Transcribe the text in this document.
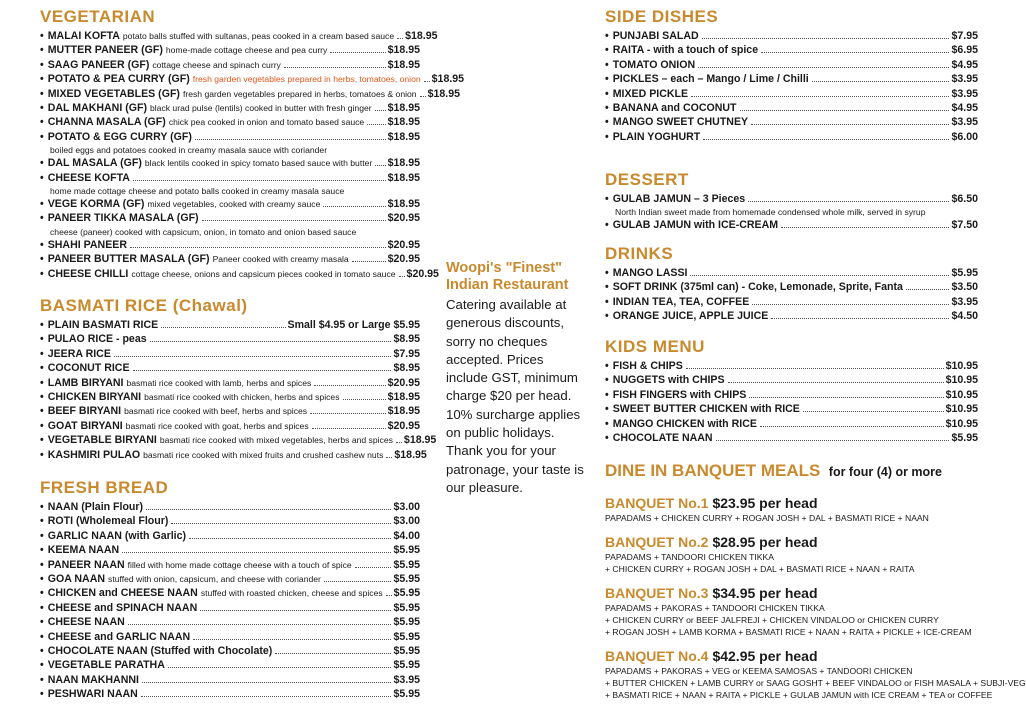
VEGETARIAN
• MALAI KOFTA potato balls stuffed with sultanas, peas cooked in a cream based sauce $18.95
• MUTTER PANEER (GF) home-made cottage cheese and pea curry	$18.95
• SAAG PANEER (GF) cottage cheese and spinach curry	$18.95
• POTATO & PEA CURRY (GF) fresh garden vegetables prepared in herbs, tomatoes, onion $18.95
• MIXED VEGETABLES (GF) fresh garden vegetables prepared in herbs, tomatoes & onion $18.95
• DAL MAKHANI (GF) black urad pulse (lentils) cooked in butter with fresh ginger $18.95
• CHANNA MASALA (GF) chick pea cooked in onion and tomato based sauce $18.95
• POTATO & EGG CURRY (GF)	$18.95
boiled eggs and potatoes cooked in creamy masala sauce with coriander
• DAL MASALA (GF) black lentils cooked in spicy tomato based sauce with butter $18.95
• CHEESE KOFTA	$18.95
home made cottage cheese and potato balls cooked in creamy masala sauce
• VEGE KORMA (GF) mixed vegetables, cooked with creamy sauce	$18.95
• PANEER TIKKA MASALA (GF)	$20.95
cheese (paneer) cooked with capsicum, onion, in tomato and onion based sauce
• SHAHI PANEER	$20.95
• PANEER BUTTER MASALA (GF) Paneer cooked with creamy masala	$20.95
• CHEESE CHILLI cottage cheese, onions and capsicum pieces cooked in tomato sauce $20.95
BASMATI RICE (Chawal)
• PLAIN BASMATI RICE	Small $4.95 or Large $5.95
• PULAO RICE - peas	$8.95
• JEERA RICE	$7.95
• COCONUT RICE	$8.95
• LAMB BIRYANI basmati rice cooked with lamb, herbs and spices	$20.95
• CHICKEN BIRYANI basmati rice cooked with chicken, herbs and spices	$18.95
• BEEF BIRYANI basmati rice cooked with beef, herbs and spices	$18.95
• GOAT BIRYANI basmati rice cooked with goat, herbs and spices	$20.95
• VEGETABLE BIRYANI basmati rice cooked with mixed vegetables, herbs and spices $18.95
• KASHMIRI PULAO basmati rice cooked with mixed fruits and crushed cashew nuts $18.95
FRESH BREAD
• NAAN (Plain Flour)	$3.00
• ROTI (Wholemeal Flour)	$3.00
• GARLIC NAAN (with Garlic)	$4.00
• KEEMA NAAN	$5.95
• PANEER NAAN filled with home made cottage cheese with a touch of spice	$5.95
• GOA NAAN stuffed with onion, capsicum, and cheese with coriander	$5.95
• CHICKEN and CHEESE NAAN stuffed with roasted chicken, cheese and spices $5.95
• CHEESE and SPINACH NAAN	$5.95
• CHEESE NAAN	$5.95
• CHEESE and GARLIC NAAN	$5.95
• CHOCOLATE NAAN (Stuffed with Chocolate)	$5.95
• VEGETABLE PARATHA	$5.95
• NAAN MAKHANNI	$3.95
• PESHWARI NAAN	$5.95
Woopi's "Finest"
Indian Restaurant
Catering available at generous discounts, sorry no cheques accepted. Prices include GST, minimum charge $20 per head. 10% surcharge applies on public holidays. Thank you for your patronage, your taste is our pleasure.
SIDE DISHES
• PUNJABI SALAD	$7.95
• RAITA - with a touch of spice	$6.95
• TOMATO ONION	$4.95
• PICKLES – each – Mango / Lime / Chilli	$3.95
• MIXED PICKLE	$3.95
• BANANA and COCONUT	$4.95
• MANGO SWEET CHUTNEY	$3.95
• PLAIN YOGHURT	$6.00
DESSERT
• GULAB JAMUN – 3 Pieces	$6.50
North Indian sweet made from homemade condensed whole milk, served in syrup
• GULAB JAMUN with ICE-CREAM	$7.50
DRINKS
• MANGO LASSI	$5.95
• SOFT DRINK (375ml can) - Coke, Lemonade, Sprite, Fanta	$3.50
• INDIAN TEA, TEA, COFFEE	$3.95
• ORANGE JUICE, APPLE JUICE	$4.50
KIDS MENU
• FISH & CHIPS	$10.95
• NUGGETS with CHIPS	$10.95
• FISH FINGERS with CHIPS	$10.95
• SWEET BUTTER CHICKEN with RICE	$10.95
• MANGO CHICKEN with RICE	$10.95
• CHOCOLATE NAAN	$5.95
DINE IN BANQUET MEALS for four (4) or more
BANQUET No.1 $23.95 per head
PAPADAMS + CHICKEN CURRY + ROGAN JOSH + DAL + BASMATI RICE + NAAN
BANQUET No.2 $28.95 per head
PAPADAMS + TANDOORI CHICKEN TIKKA
+ CHICKEN CURRY + ROGAN JOSH + DAL + BASMATI RICE + NAAN + RAITA
BANQUET No.3 $34.95 per head
PAPADAMS + PAKORAS + TANDOORI CHICKEN TIKKA
+ CHICKEN CURRY or BEEF JALFREJI + CHICKEN VINDALOO or CHICKEN CURRY
+ ROGAN JOSH + LAMB KORMA + BASMATI RICE + NAAN + RAITA + PICKLE + ICE-CREAM
BANQUET No.4 $42.95 per head
PAPADAMS + PAKORAS + VEG or KEEMA SAMOSAS + TANDOORI CHICKEN
+ BUTTER CHICKEN + LAMB CURRY or SAAG GOSHT + BEEF VINDALOO or FISH MASALA + SUBJI-VEG
+ BASMATI RICE + NAAN + RAITA + PICKLE + GULAB JAMUN with ICE CREAM + TEA or COFFEE
